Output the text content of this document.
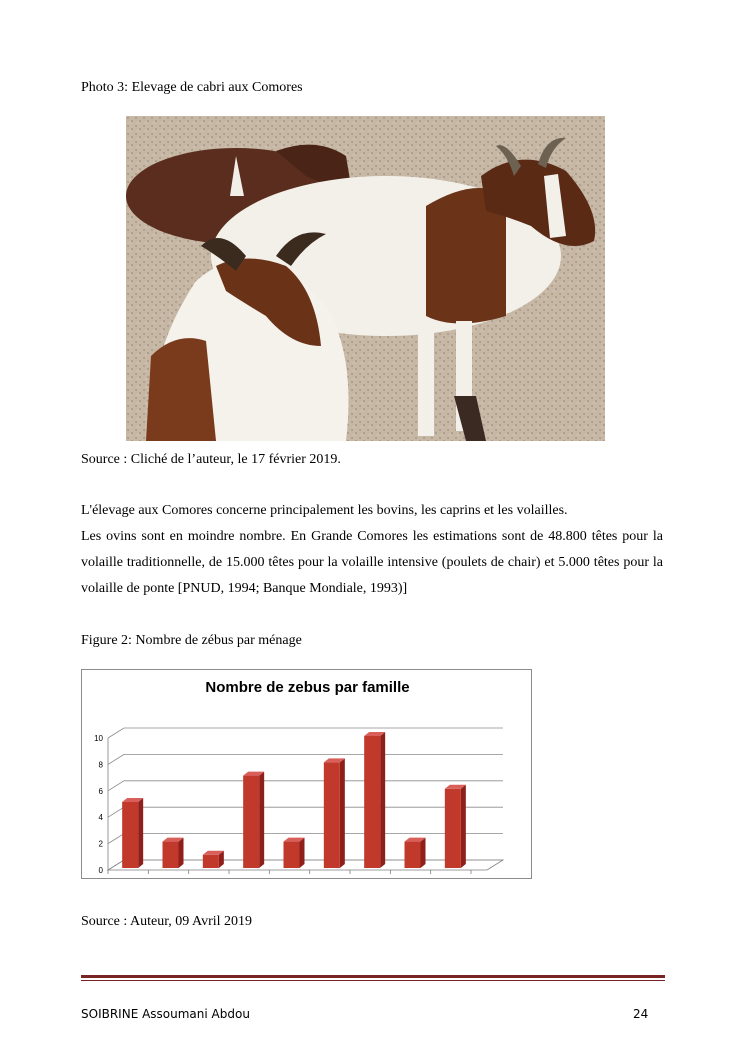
Photo 3: Elevage de cabri aux Comores
Source : Cliché de l’auteur, le 17 février 2019.
L'élevage aux Comores concerne principalement les bovins, les caprins et les volailles.
Les ovins sont en moindre nombre. En Grande Comores les estimations sont de 48.800 têtes pour la volaille traditionnelle, de 15.000 têtes pour la volaille intensive (poulets de chair) et 5.000 têtes pour la volaille de ponte [PNUD, 1994; Banque Mondiale, 1993)]
Figure 2: Nombre de zébus par ménage
Nombre de zebus par famille
0
2
4
6
8
10
Source : Auteur, 09 Avril 2019
SOIBRINE Assoumani Abdou	24
